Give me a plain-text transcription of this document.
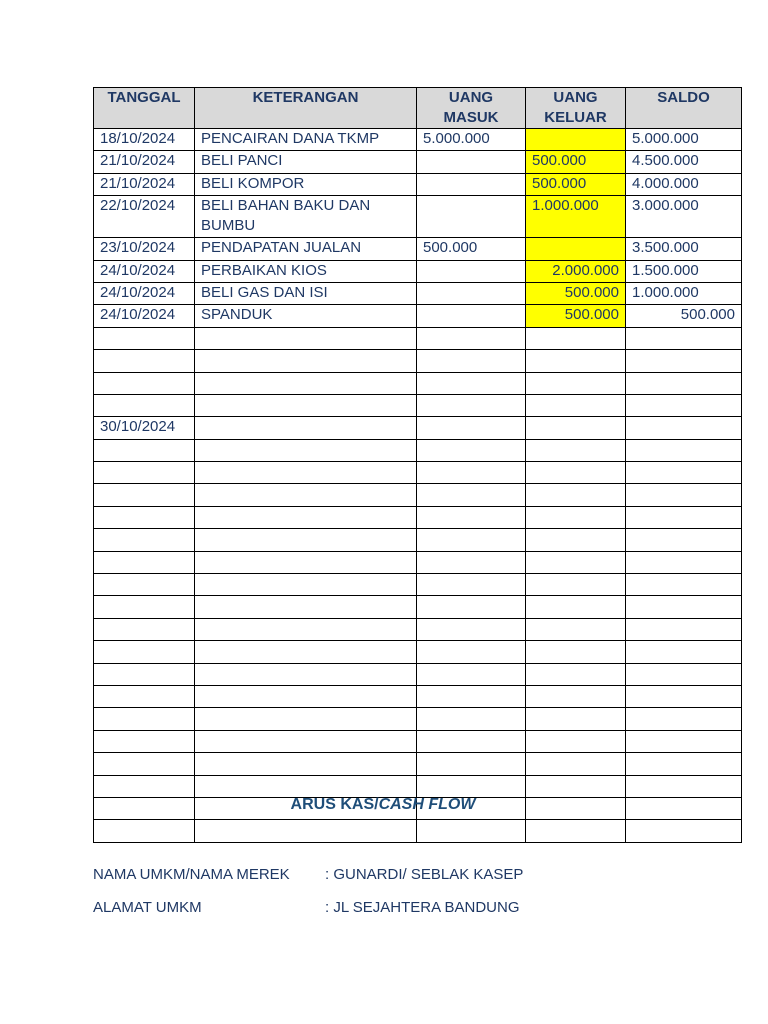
TANGGAL	KETERANGAN	UANG MASUK	UANG KELUAR	SALDO
18/10/2024	PENCAIRAN DANA TKMP	5.000.000		5.000.000
21/10/2024	BELI PANCI		500.000	4.500.000
21/10/2024	BELI KOMPOR		500.000	4.000.000
22/10/2024	BELI BAHAN BAKU DAN BUMBU		1.000.000	3.000.000
23/10/2024	PENDAPATAN JUALAN	500.000		3.500.000
24/10/2024	PERBAIKAN KIOS		2.000.000	1.500.000
24/10/2024	BELI GAS DAN ISI		500.000	1.000.000
24/10/2024	SPANDUK		500.000	500.000

30/10/2024				

ARUS KAS/CASH FLOW
NAMA UMKM/NAMA MEREK : GUNARDI/ SEBLAK KASEP
ALAMAT UMKM	: JL SEJAHTERA BANDUNG
